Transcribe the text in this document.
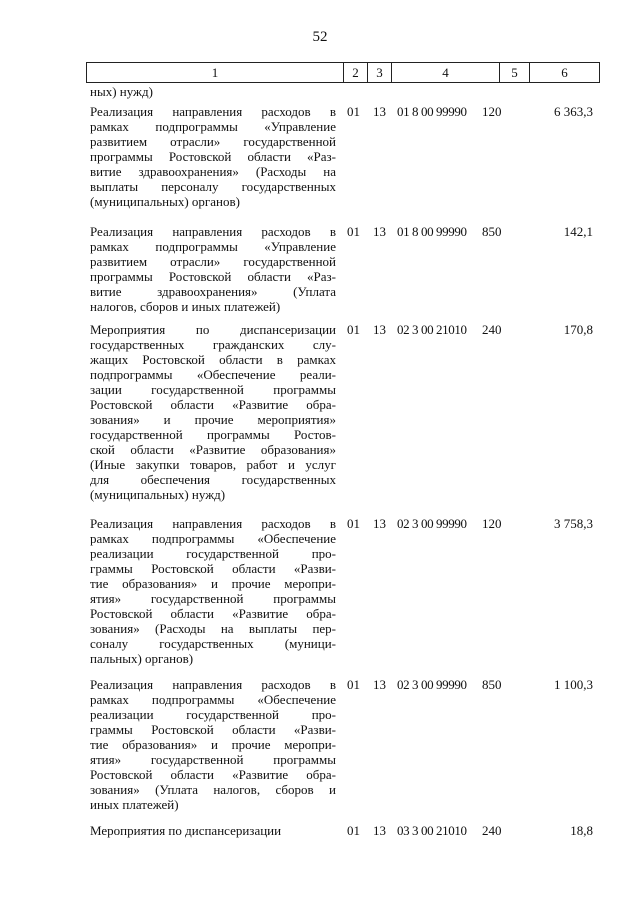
52
1	2	3	4	5	6
ных) нужд)
Реализация направления расходов в
рамках подпрограммы «Управление
развитием отрасли» государственной
программы Ростовской области «Раз-
витие здравоохранения» (Расходы на
выплаты персоналу государственных
(муниципальных) органов)
01	13 01 8 00 99990	120	6 363,3
Реализация направления расходов в
рамках подпрограммы «Управление
развитием отрасли» государственной
программы Ростовской области «Раз-
витие здравоохранения» (Уплата
налогов, сборов и иных платежей)
01	13 01 8 00 99990	850	142,1
Мероприятия по диспансеризации
государственных гражданских слу-
жащих Ростовской области в рамках
подпрограммы «Обеспечение реали-
зации государственной программы
Ростовской области «Развитие обра-
зования» и прочие мероприятия»
государственной программы Ростов-
ской области «Развитие образования»
(Иные закупки товаров, работ и услуг
для обеспечения государственных
(муниципальных) нужд)
01	13 02 3 00 21010	240	170,8
Реализация направления расходов в
рамках подпрограммы «Обеспечение
реализации государственной про-
граммы Ростовской области «Разви-
тие образования» и прочие меропри-
ятия» государственной программы
Ростовской области «Развитие обра-
зования» (Расходы на выплаты пер-
соналу государственных (муници-
пальных) органов)
01	13 02 3 00 99990	120	3 758,3
Реализация направления расходов в
рамках подпрограммы «Обеспечение
реализации государственной про-
граммы Ростовской области «Разви-
тие образования» и прочие меропри-
ятия» государственной программы
Ростовской области «Развитие обра-
зования» (Уплата налогов, сборов и
иных платежей)
01	13 02 3 00 99990	850	1 100,3
Мероприятия по диспансеризации	01	13 03 3 00 21010	240	18,8
